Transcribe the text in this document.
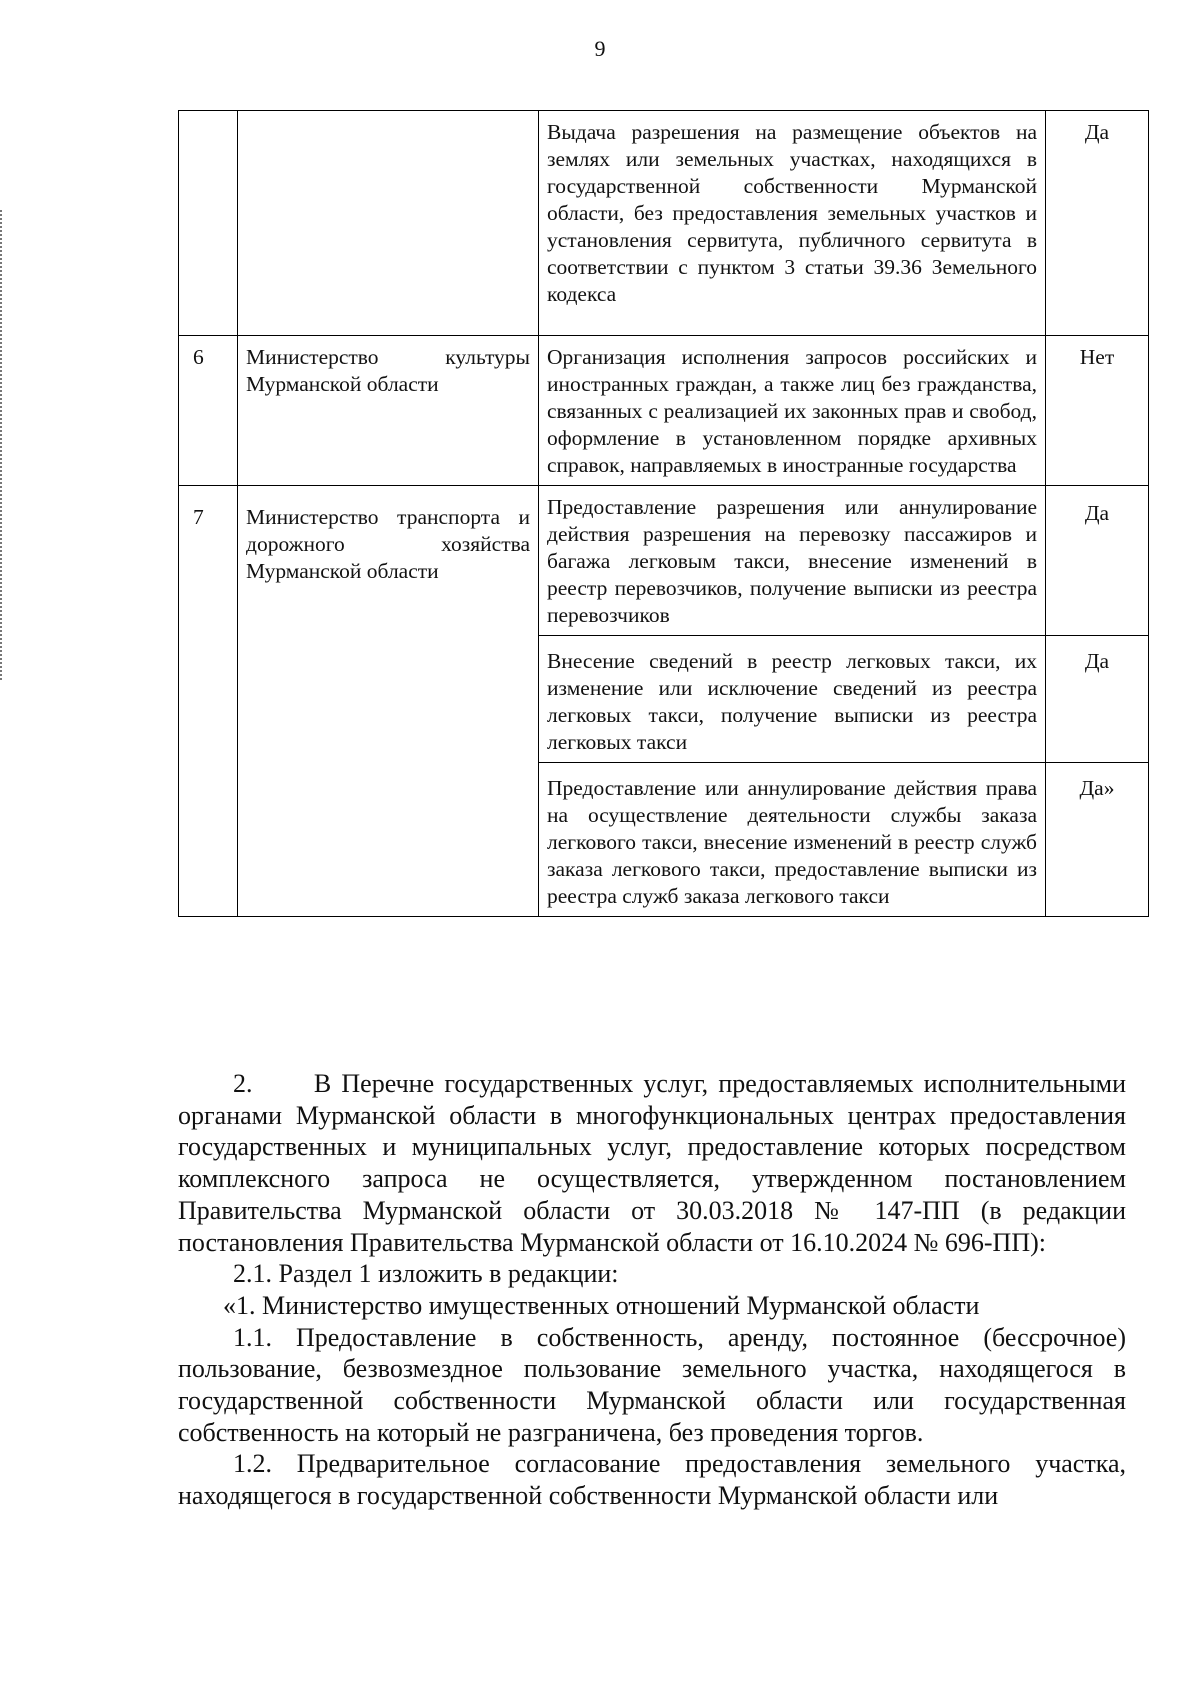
9
		Выдача разрешения на размещение объектов на землях или земельных участках, находящихся в государственной собственности Мурманской области, без предоставления земельных участков и установления сервитута, публичного сервитута в соответствии с пунктом 3 статьи 39.36 Земельного кодекса	Да
6	Министерство культуры Мурманской области	Организация исполнения запросов российских и иностранных граждан, а также лиц без гражданства, связанных с реализацией их законных прав и свобод, оформление в установленном порядке архивных справок, направляемых в иностранные государства	Нет
7	Министерство транспорта и дорожного хозяйства Мурманской области	Предоставление разрешения или аннулирование действия разрешения на перевозку пассажиров и багажа легковым такси, внесение изменений в реестр перевозчиков, получение выписки из реестра перевозчиков	Да
		Внесение сведений в реестр легковых такси, их изменение или исключение сведений из реестра легковых такси, получение выписки из реестра легковых такси	Да
		Предоставление или аннулирование действия права на осуществление деятельности службы заказа легкового такси, внесение изменений в реестр служб заказа легкового такси, предоставление выписки из реестра служб заказа легкового такси	Да»

2.      В Перечне государственных услуг, предоставляемых исполнительными органами Мурманской области в многофункциональных центрах предоставления государственных и муниципальных услуг, предоставление которых посредством комплексного запроса не осуществляется, утвержденном постановлением Правительства Мурманской области от 30.03.2018 № 147-ПП (в редакции постановления Правительства Мурманской области от 16.10.2024 № 696-ПП):

2.1. Раздел 1 изложить в редакции:

«1. Министерство имущественных отношений Мурманской области

1.1. Предоставление в собственность, аренду, постоянное (бессрочное) пользование, безвозмездное пользование земельного участка, находящегося в государственной собственности Мурманской области или государственная собственность на который не разграничена, без проведения торгов.

1.2. Предварительное согласование предоставления земельного участка, находящегося в государственной собственности Мурманской области или
